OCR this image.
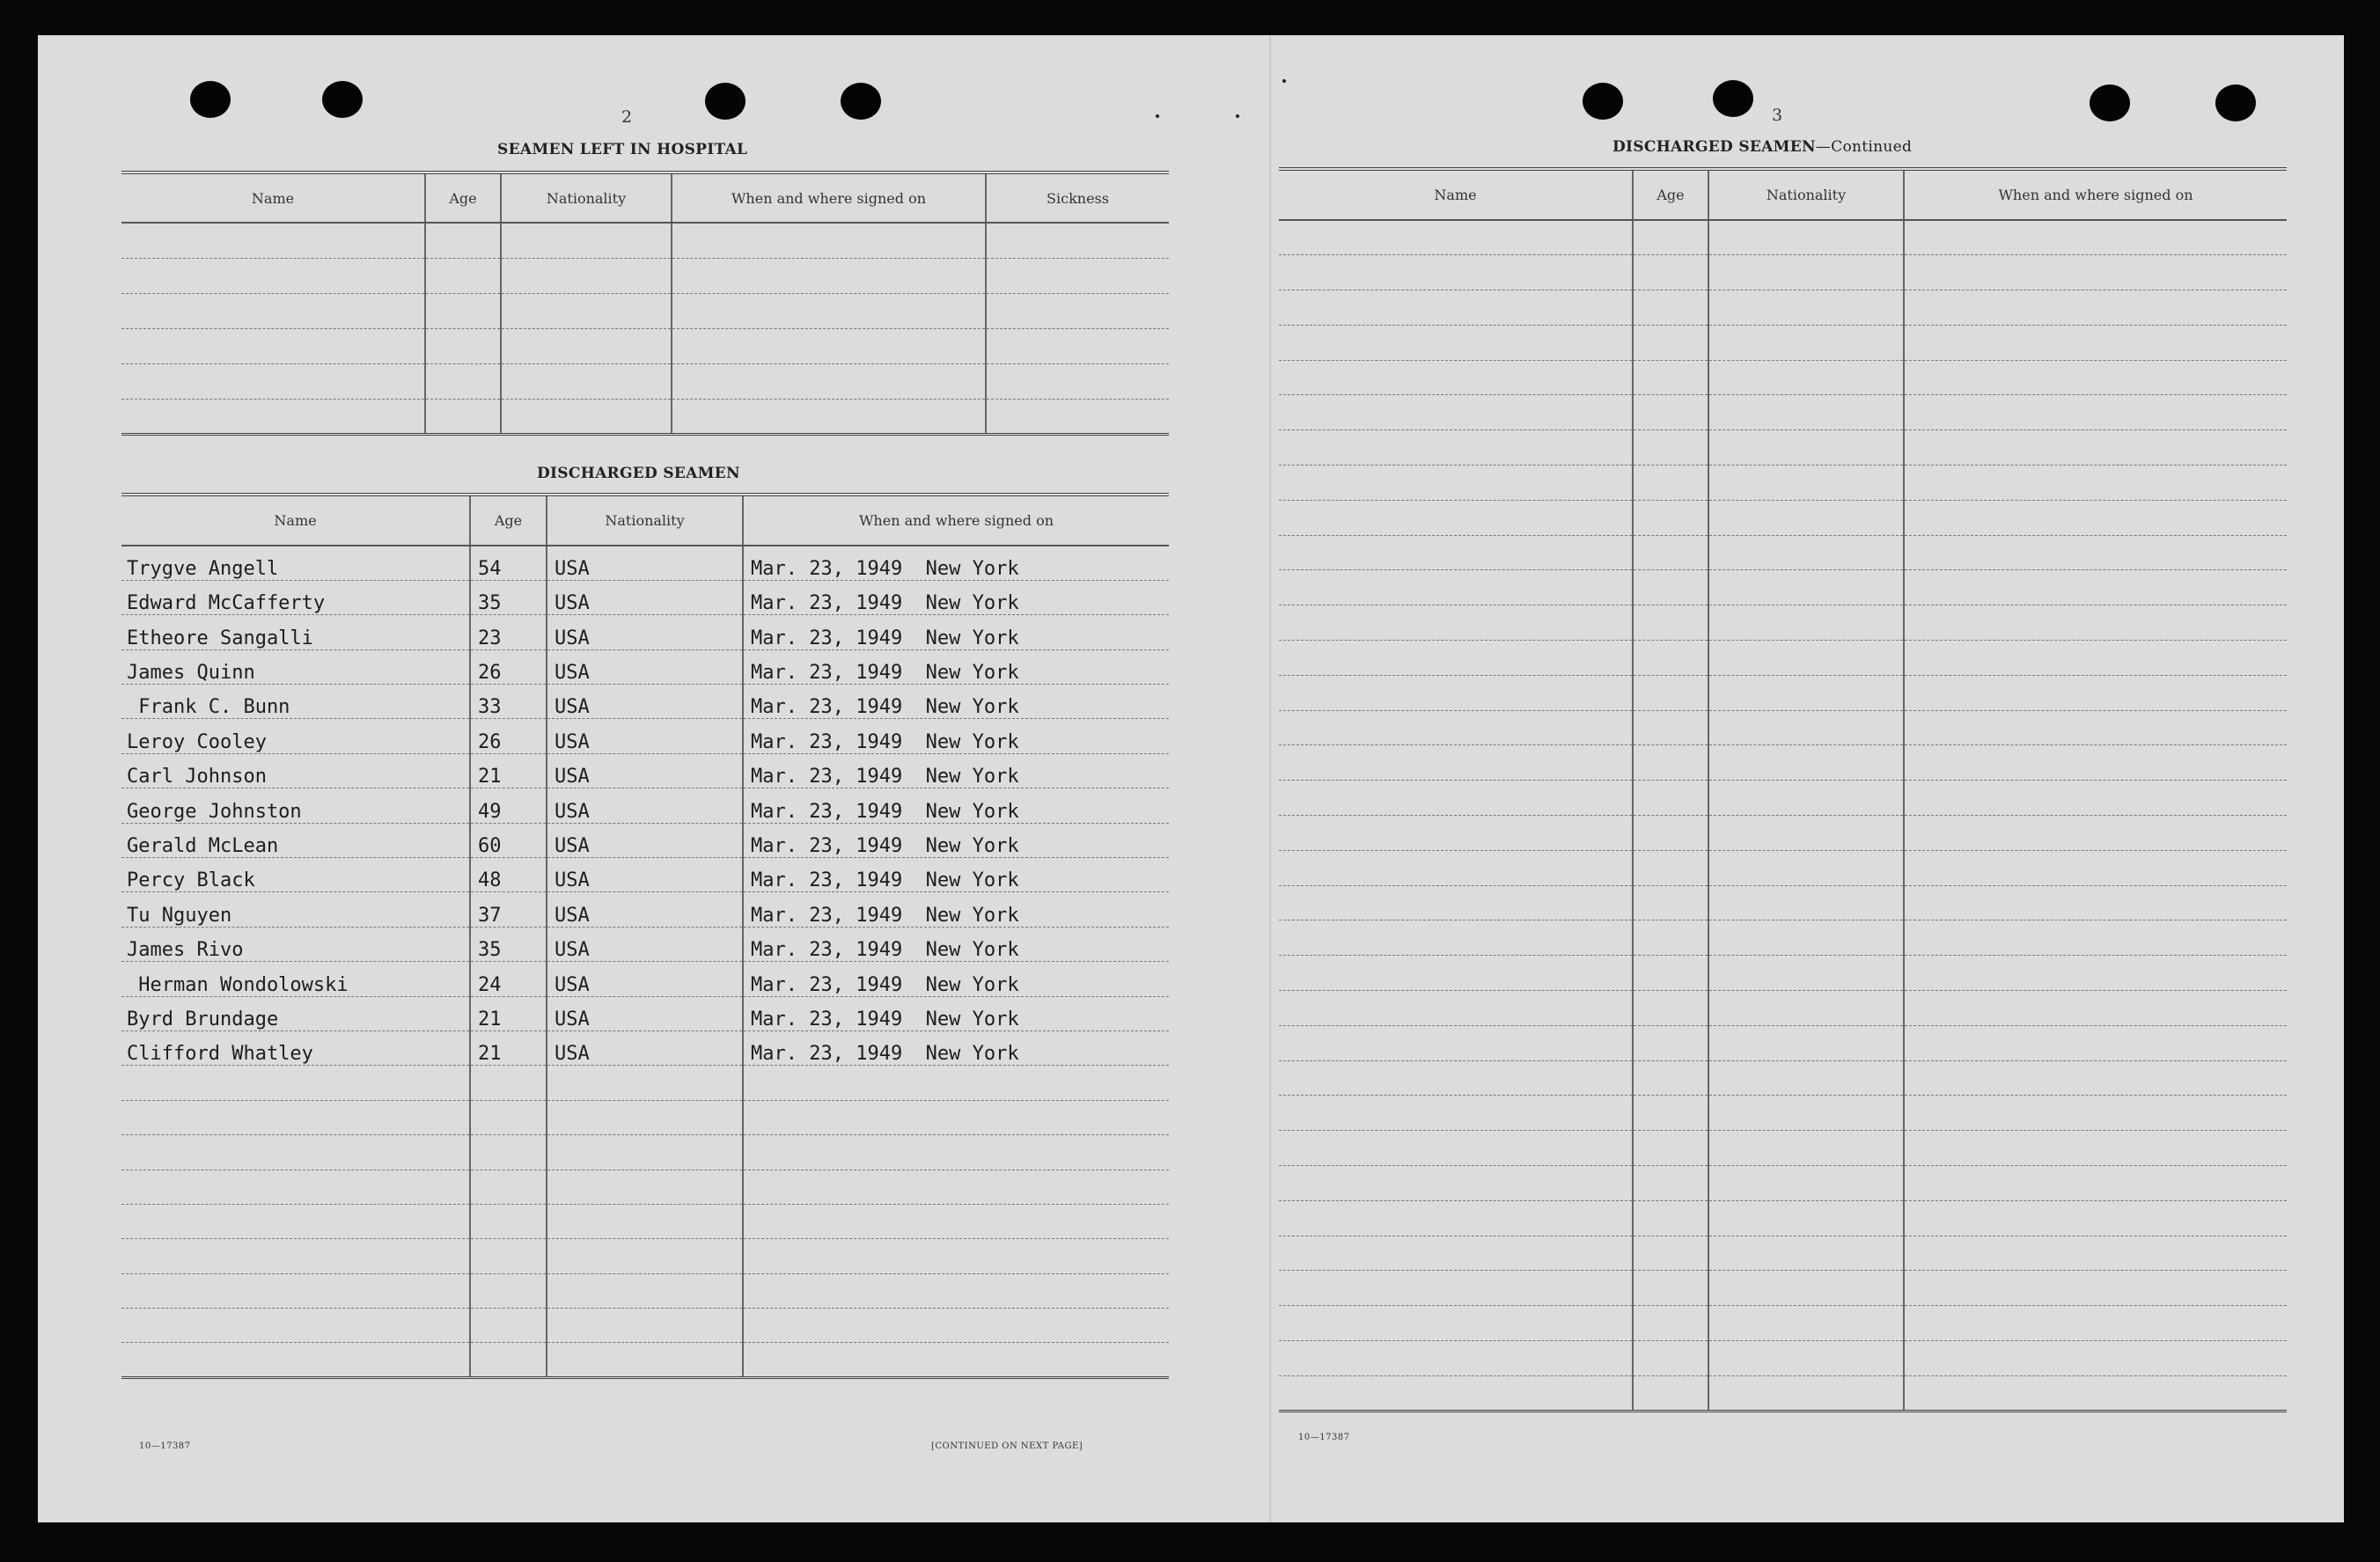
2
SEAMEN LEFT IN HOSPITAL
Name	Age	Nationality	When and where signed on	Sickness

DISCHARGED SEAMEN
Name	Age	Nationality	When and where signed on
Trygve Angell	54	USA	Mar. 23, 1949  New York
Edward McCafferty	35	USA	Mar. 23, 1949  New York
Etheore Sangalli	23	USA	Mar. 23, 1949  New York
James Quinn	26	USA	Mar. 23, 1949  New York
Frank C. Bunn	33	USA	Mar. 23, 1949  New York
Leroy Cooley	26	USA	Mar. 23, 1949  New York
Carl Johnson	21	USA	Mar. 23, 1949  New York
George Johnston	49	USA	Mar. 23, 1949  New York
Gerald McLean	60	USA	Mar. 23, 1949  New York
Percy Black	48	USA	Mar. 23, 1949  New York
Tu Nguyen	37	USA	Mar. 23, 1949  New York
James Rivo	35	USA	Mar. 23, 1949  New York
Herman Wondolowski	24	USA	Mar. 23, 1949  New York
Byrd Brundage	21	USA	Mar. 23, 1949  New York
Clifford Whatley	21	USA	Mar. 23, 1949  New York

10—17387	[CONTINUED ON NEXT PAGE]
3
DISCHARGED SEAMEN—Continued
Name	Age	Nationality	When and where signed on

10—17387
